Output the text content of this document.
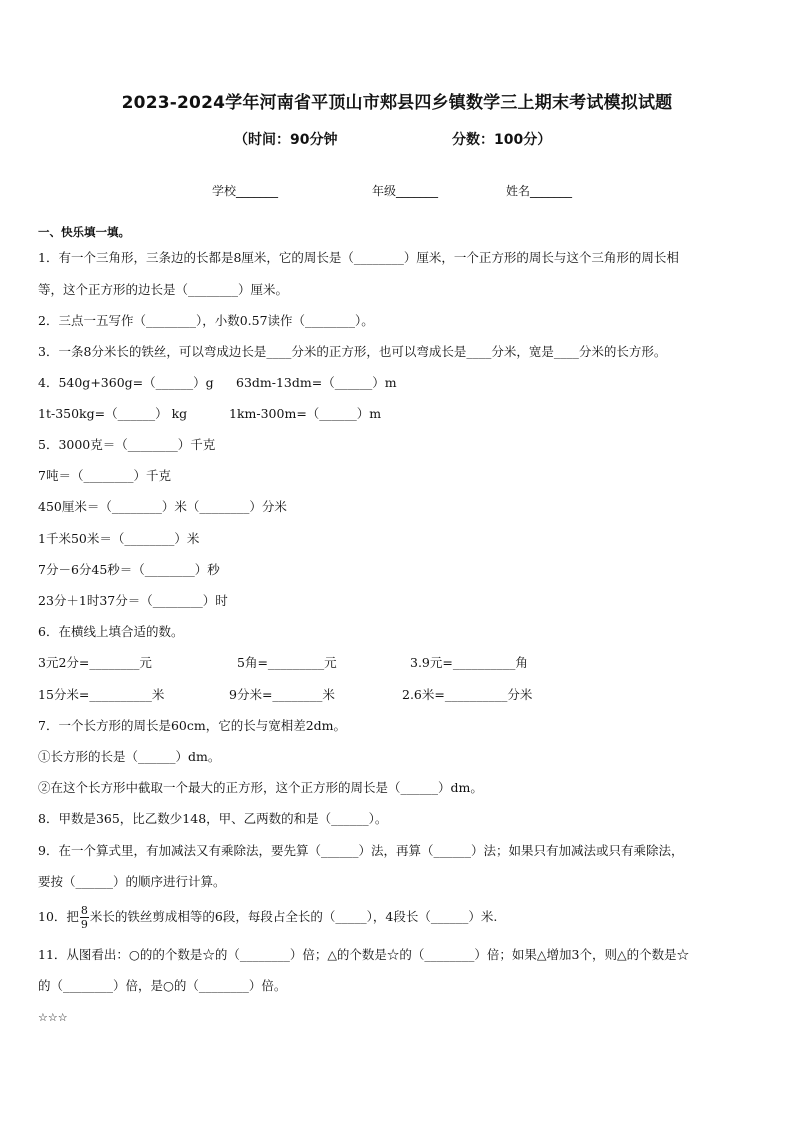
2023-2024学年河南省平顶山市郏县四乡镇数学三上期末考试模拟试题
（时间：90分钟	分数：100分）
学校_______	年级_______	姓名_______
一、快乐填一填。
1．有一个三角形，三条边的长都是8厘米，它的周长是（________）厘米，一个正方形的周长与这个三角形的周长相
等，这个正方形的边长是（________）厘米。
2．三点一五写作（________），小数0.57读作（________）。
3．一条8分米长的铁丝，可以弯成边长是____分米的正方形，也可以弯成长是____分米，宽是____分米的长方形。
4．540g+360g=（______）g 63dm-13dm=（______）m
1t-350kg=（______） kg	1km-300m=（______）m
5．3000克＝（________）千克
7吨＝（________）千克
450厘米＝（________）米（________）分米
1千米50米＝（________）米
7分－6分45秒＝（________）秒
23分＋1时37分＝（________）时
6．在横线上填合适的数。
3元2分=________元	5角=_________元	3.9元=__________角
15分米=__________米	9分米=________米	2.6米=__________分米
7．一个长方形的周长是60cm，它的长与宽相差2dm。
①长方形的长是（______）dm。
②在这个长方形中截取一个最大的正方形，这个正方形的周长是（______）dm。
8．甲数是365，比乙数少148，甲、乙两数的和是（______）。
9．在一个算式里，有加减法又有乘除法，要先算（______）法，再算（______）法；如果只有加减法或只有乘除法，
要按（______）的顺序进行计算。
10．把 $\frac{8}{9}$ 米长的铁丝剪成相等的6段，每段占全长的（_____），4段长（______）米.
11．从图看出：○的的个数是☆的（________）倍；△的个数是☆的（________）倍；如果△增加3个，则△的个数是☆
的（________）倍，是○的（________）倍。
☆☆☆
